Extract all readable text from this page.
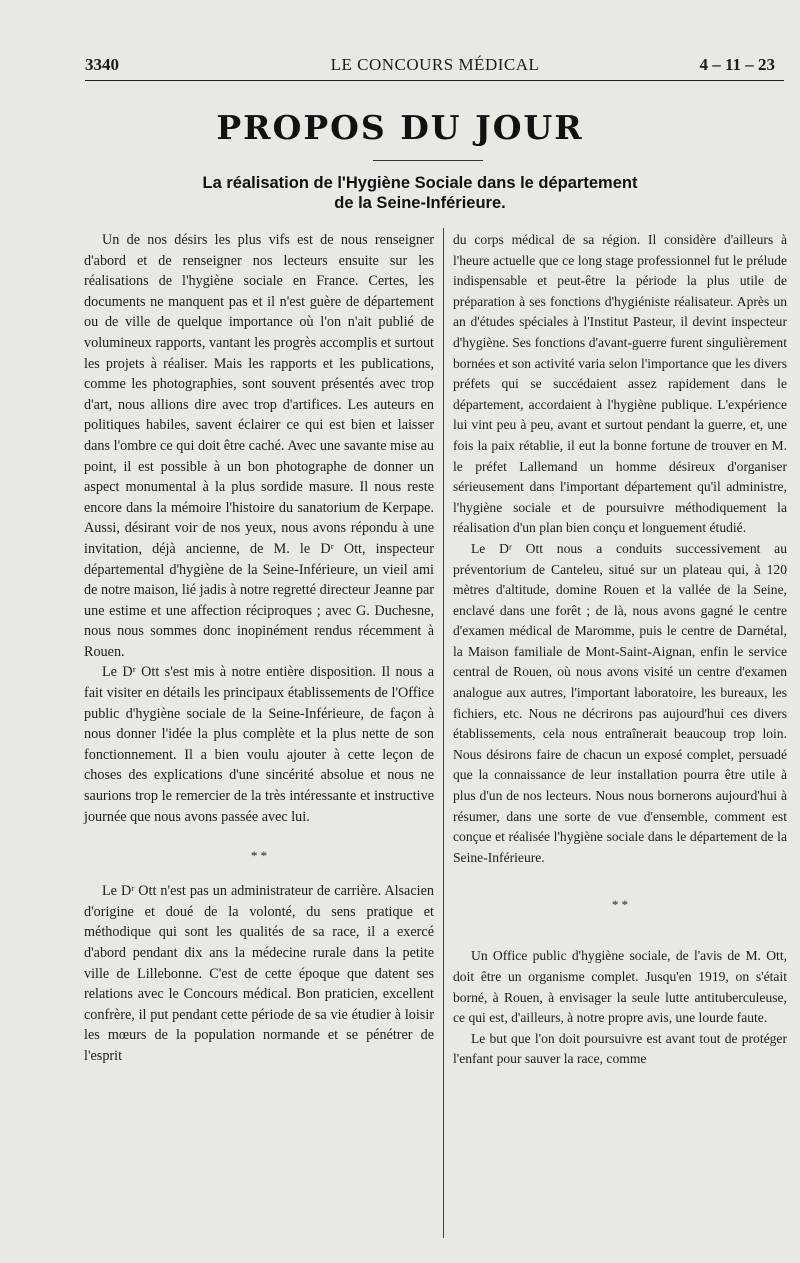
3340	LE CONCOURS MÉDICAL	4 – 11 – 23
PROPOS DU JOUR
La réalisation de l'Hygiène Sociale dans le département
de la Seine-Inférieure.

Un de nos désirs les plus vifs est de nous renseigner d'abord et de renseigner nos lecteurs ensuite sur les réalisations de l'hygiène sociale en France. Certes, les documents ne manquent pas et il n'est guère de département ou de ville de quelque importance où l'on n'ait publié de volumineux rapports, vantant les progrès accomplis et surtout les projets à réaliser. Mais les rapports et les publications, comme les photographies, sont souvent présentés avec trop d'art, nous allions dire avec trop d'artifices. Les auteurs en politiques habiles, savent éclairer ce qui est bien et laisser dans l'ombre ce qui doit être caché. Avec une savante mise au point, il est possible à un bon photographe de donner un aspect monumental à la plus sordide masure. Il nous reste encore dans la mémoire l'histoire du sanatorium de Kerpape. Aussi, désirant voir de nos yeux, nous avons répondu à une invitation, déjà ancienne, de M. le Dʳ Ott, inspecteur départemental d'hygiène de la Seine-Inférieure, un vieil ami de notre maison, lié jadis à notre regretté directeur Jeanne par une estime et une affection réciproques ; avec G. Duchesne, nous nous sommes donc inopinément rendus récemment à Rouen.

Le Dʳ Ott s'est mis à notre entière disposition. Il nous a fait visiter en détails les principaux établissements de l'Office public d'hygiène sociale de la Seine-Inférieure, de façon à nous donner l'idée la plus complète et la plus nette de son fonctionnement. Il a bien voulu ajouter à cette leçon de choses des explications d'une sincérité absolue et nous ne saurions trop le remercier de la très intéressante et instructive journée que nous avons passée avec lui.

* *

Le Dʳ Ott n'est pas un administrateur de carrière. Alsacien d'origine et doué de la volonté, du sens pratique et méthodique qui sont les qualités de sa race, il a exercé d'abord pendant dix ans la médecine rurale dans la petite ville de Lillebonne. C'est de cette époque que datent ses relations avec le Concours médical. Bon praticien, excellent confrère, il put pendant cette période de sa vie étudier à loisir les mœurs de la population normande et se pénétrer de l'esprit

du corps médical de sa région. Il considère d'ailleurs à l'heure actuelle que ce long stage professionnel fut le prélude indispensable et peut-être la période la plus utile de préparation à ses fonctions d'hygiéniste réalisateur. Après un an d'études spéciales à l'Institut Pasteur, il devint inspecteur d'hygiène. Ses fonctions d'avant-guerre furent singulièrement bornées et son activité varia selon l'importance que les divers préfets qui se succédaient assez rapidement dans le département, accordaient à l'hygiène publique. L'expérience lui vint peu à peu, avant et surtout pendant la guerre, et, une fois la paix rétablie, il eut la bonne fortune de trouver en M. le préfet Lallemand un homme désireux d'organiser sérieusement dans l'important département qu'il administre, l'hygiène sociale et de poursuivre méthodiquement la réalisation d'un plan bien conçu et longuement étudié.

Le Dʳ Ott nous a conduits successivement au préventorium de Canteleu, situé sur un plateau qui, à 120 mètres d'altitude, domine Rouen et la vallée de la Seine, enclavé dans une forêt ; de là, nous avons gagné le centre d'examen médical de Maromme, puis le centre de Darnétal, la Maison familiale de Mont-Saint-Aignan, enfin le service central de Rouen, où nous avons visité un centre d'examen analogue aux autres, l'important laboratoire, les bureaux, les fichiers, etc. Nous ne décrirons pas aujourd'hui ces divers établissements, cela nous entraînerait beaucoup trop loin. Nous désirons faire de chacun un exposé complet, persuadé que la connaissance de leur installation pourra être utile à plus d'un de nos lecteurs. Nous nous bornerons aujourd'hui à résumer, dans une sorte de vue d'ensemble, comment est conçue et réalisée l'hygiène sociale dans le département de la Seine-Inférieure.

* *

Un Office public d'hygiène sociale, de l'avis de M. Ott, doit être un organisme complet. Jusqu'en 1919, on s'était borné, à Rouen, à envisager la seule lutte antituberculeuse, ce qui est, d'ailleurs, à notre propre avis, une lourde faute.

Le but que l'on doit poursuivre est avant tout de protéger l'enfant pour sauver la race, comme
